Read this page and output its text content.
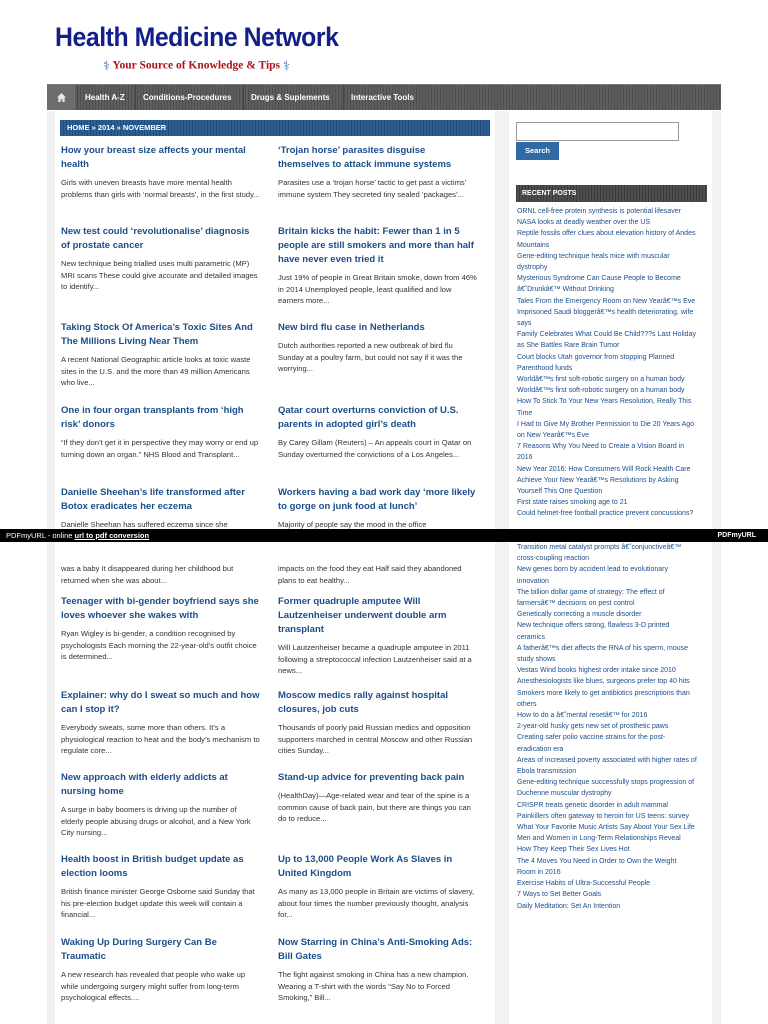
Health Medicine Network
⚕ Your Source of Knowledge & Tips ⚕
Health A-Z	Conditions-Procedures	Drugs & Suplements	Interactive Tools
HOME » 2014 » NOVEMBER
How your breast size affects your mental health
Girls with uneven breasts have more mental health problems than girls with ‘normal breasts’, in the first study...
New test could ‘revolutionalise’ diagnosis of prostate cancer
New technique being trialled uses multi parametric (MP) MRI scans These could give accurate and detailed images to identify...
Taking Stock Of America’s Toxic Sites And The Millions Living Near Them
A recent National Geographic article looks at toxic waste sites in the U.S. and the more than 49 million Americans who live...
One in four organ transplants from ‘high risk’ donors
“If they don’t get it in perspective they may worry or end up turning down an organ.” NHS Blood and Transplant...
Danielle Sheehan’s life transformed after Botox eradicates her eczema
Danielle Sheehan has suffered eczema since she
was a baby It disappeared during her childhood but returned when she was about...
Teenager with bi-gender boyfriend says she loves whoever she wakes with
Ryan Wigley is bi-gender, a condition recognised by psychologists Each morning the 22-year-old’s outfit choice is determined...
Explainer: why do I sweat so much and how can I stop it?
Everybody sweats, some more than others. It’s a physiological reaction to heat and the body’s mechanism to regulate core...
New approach with elderly addicts at nursing home
A surge in baby boomers is driving up the number of elderly people abusing drugs or alcohol, and a New York City nursing...
Health boost in British budget update as election looms
British finance minister George Osborne said Sunday that his pre-election budget update this week will contain a financial...
Waking Up During Surgery Can Be Traumatic
A new research has revealed that people who wake up while undergoing surgery might suffer from long-term psychological effects....
‘Trojan horse’ parasites disguise themselves to attack immune systems
Parasites use a ‘trojan horse’ tactic to get past a victims’ immune system They secreted tiny sealed ‘packages’...
Britain kicks the habit: Fewer than 1 in 5 people are still smokers and more than half have never even tried it
Just 19% of people in Great Britain smoke, down from 46% in 2014 Unemployed people, least qualified and low earners more...
New bird flu case in Netherlands
Dutch authorities reported a new outbreak of bird flu Sunday at a poultry farm, but could not say if it was the worrying...
Qatar court overturns conviction of U.S. parents in adopted girl’s death
By Carey Gillam (Reuters) – An appeals court in Qatar on Sunday overturned the convictions of a Los Angeles...
Workers having a bad work day ‘more likely to gorge on junk food at lunch’
Majority of people say the mood in the office
impacts on the food they eat Half said they abandoned plans to eat healthy...
Former quadruple amputee Will Lautzenheiser underwent double arm transplant
Will Lautzenheiser became a quadruple amputee in 2011 following a streptococcal infection Lautzenheiser said at a news...
Moscow medics rally against hospital closures, job cuts
Thousands of poorly paid Russian medics and opposition supporters marched in central Moscow and other Russian cities Sunday...
Stand-up advice for preventing back pain
(HealthDay)—Age-related wear and tear of the spine is a common cause of back pain, but there are things you can do to reduce...
Up to 13,000 People Work As Slaves in United Kingdom
As many as 13,000 people in Britain are victims of slavery, about four times the number previously thought, analysis for...
Now Starring in China’s Anti-Smoking Ads: Bill Gates
The fight against smoking in China has a new champion. Wearing a T-shirt with the words “Say No to Forced Smoking,” Bill...
Search
RECENT POSTS
ORNL cell-free protein synthesis is potential lifesaver
NASA looks at deadly weather over the US
Reptile fossils offer clues about elevation history of Andes
Mountains
Gene-editing technique heals mice with muscular
dystrophy
Mysterious Syndrome Can Cause People to Become
â€˜Drunkâ€™ Without Drinking
Tales From the Emergency Room on New Yearâ€™s Eve
Imprisoned Saudi bloggerâ€™s health deteriorating, wife
says
Family Celebrates What Could Be Child???s Last Holiday
as She Battles Rare Brain Tumor
Court blocks Utah governor from stopping Planned
Parenthood funds
Worldâ€™s first soft-robotic surgery on a human body
Worldâ€™s first soft-robotic surgery on a human body
How To Stick To Your New Years Resolution, Really This
Time
I Had to Give My Brother Permission to Die 20 Years Ago
on New Yearâ€™s Eve
7 Reasons Why You Need to Create a Vision Board in
2016
New Year 2016: How Consumers Will Rock Health Care
Achieve Your New Yearâ€™s Resolutions by Asking
Yourself This One Question
First state raises smoking age to 21
Could helmet-free football practice prevent concussions?
Transition metal catalyst prompts â€˜conjunctiveâ€™
cross-coupling reaction
New genes born by accident lead to evolutionary
innovation
The billion dollar game of strategy: The effect of
farmersâ€™ decisions on pest control
Genetically correcting a muscle disorder
New technique offers strong, flawless 3-D printed
ceramics
A fatherâ€™s diet affects the RNA of his sperm, mouse
study shows
Vestas Wind books highest order intake since 2010
Anesthesiologists like blues, surgeons prefer top 40 hits
Smokers more likely to get antibiotics prescriptions than
others
How to do a â€˜mental resetâ€™ for 2016
2-year-old husky gets new set of prosthetic paws
Creating safer polio vaccine strains for the post-
eradication era
Areas of increased poverty associated with higher rates of
Ebola transmission
Gene-editing technique successfully stops progression of
Duchenne muscular dystrophy
CRISPR treats genetic disorder in adult mammal
Painkillers often gateway to heroin for US teens: survey
What Your Favorite Music Artists Say About Your Sex Life
Men and Women in Long-Term Relationships Reveal
How They Keep Their Sex Lives Hot
The 4 Moves You Need in Order to Own the Weight
Room in 2016
Exercise Habits of Ultra-Successful People
7 Ways to Set Better Goals
Daily Meditation: Set An Intention
PDFmyURL - online url to pdf conversion	PDFmyURL
